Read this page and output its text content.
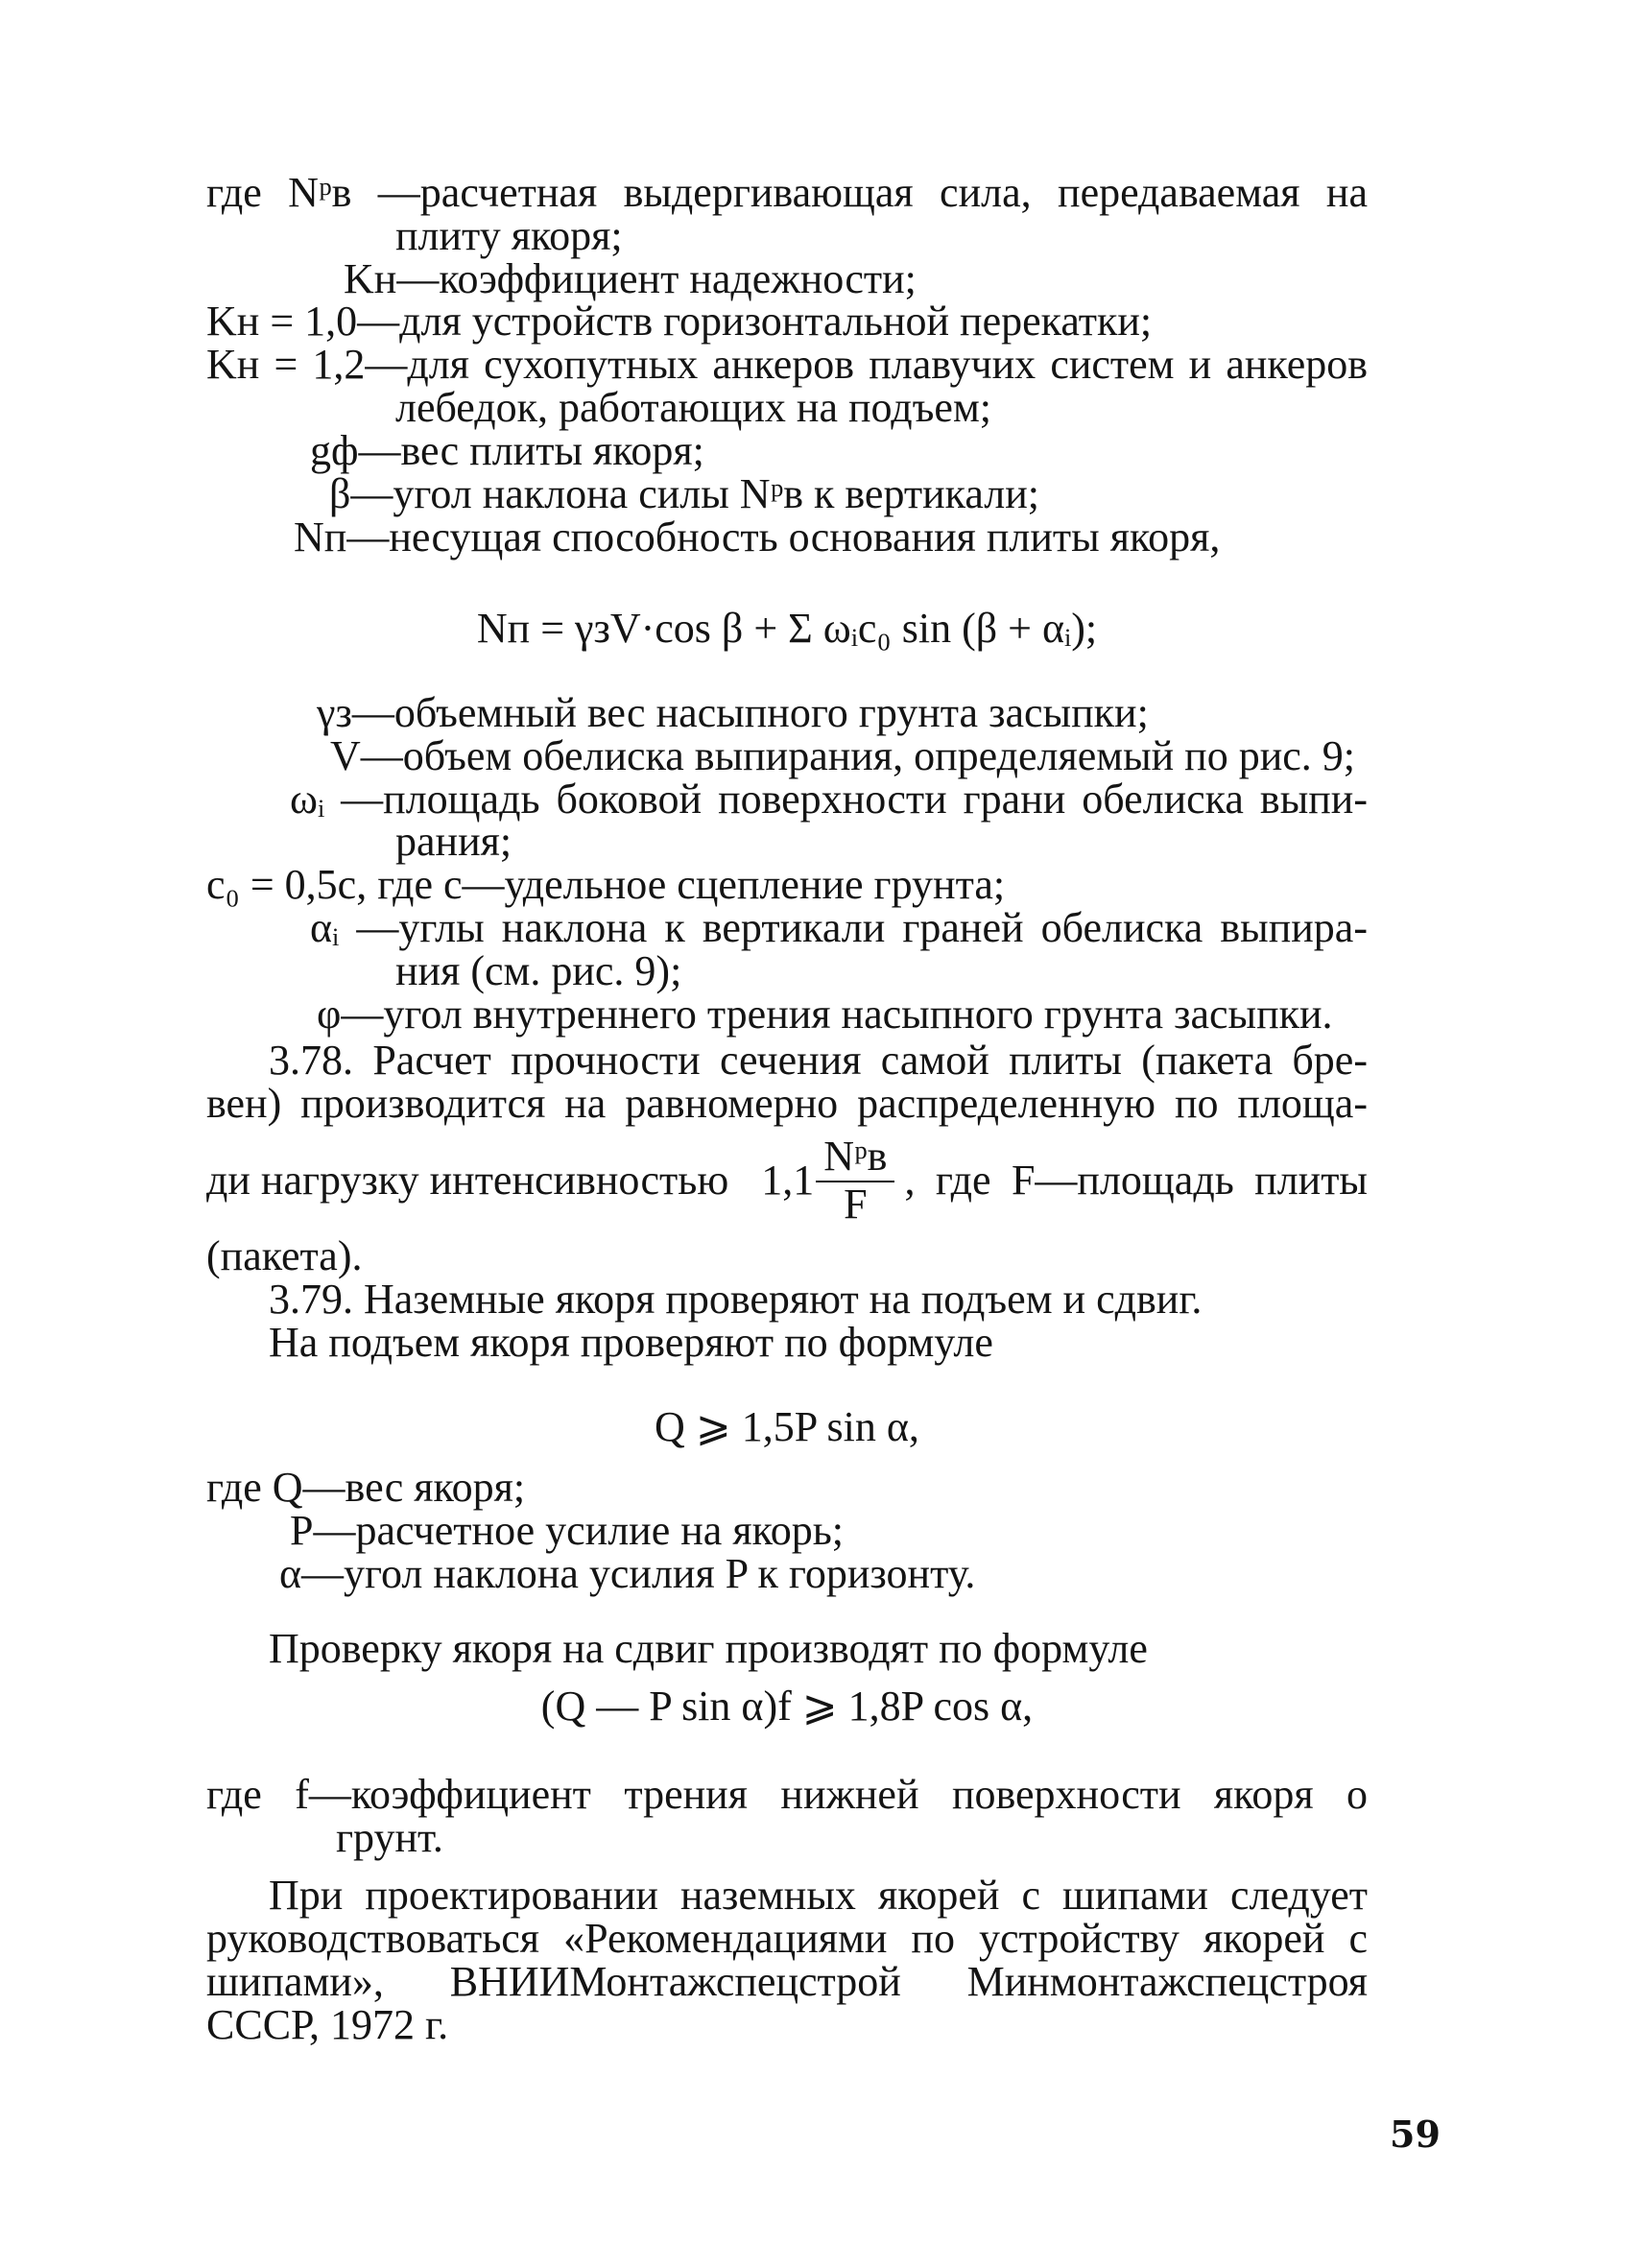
где Nᵖв —расчетная выдергивающая сила, передаваемая на
плиту якоря;
Kн—коэффициент надежности;
Kн = 1,0—для устройств горизонтальной перекатки;
Kн = 1,2—для сухопутных анкеров плавучих систем и анкеров
лебедок, работающих на подъем;
gф—вес плиты якоря;
β—угол наклона силы Nᵖв к вертикали;
Nп—несущая способность основания плиты якоря,
Nп = γзV·cos β + Σ ωᵢc₀ sin (β + αᵢ);
γз—объемный вес насыпного грунта засыпки;
V—объем обелиска выпирания, определяемый по рис. 9;
ωᵢ —площадь боковой поверхности грани обелиска выпи-
рания;
c₀ = 0,5c, где c—удельное сцепление грунта;
αᵢ —углы наклона к вертикали граней обелиска выпира-
ния (см. рис. 9);
φ—угол внутреннего трения насыпного грунта засыпки.
3.78. Расчет прочности сечения самой плиты (пакета бре-
вен) производится на равномерно распределенную по площа-
ди нагрузку интенсивностью $1,1 \frac{\text{Nᵖв}}{F}$ , где F—площадь плиты
(пакета).
3.79. Наземные якоря проверяют на подъем и сдвиг.
На подъем якоря проверяют по формуле
Q ⩾ 1,5P sin α,
где Q—вес якоря;
P—расчетное усилие на якорь;
α—угол наклона усилия P к горизонту.
Проверку якоря на сдвиг производят по формуле
(Q — P sin α)f ⩾ 1,8P cos α,
где f—коэффициент трения нижней поверхности якоря о
грунт.
При проектировании наземных якорей с шипами следует
руководствоваться «Рекомендациями по устройству якорей с
шипами», ВНИИМонтажспецстрой Минмонтажспецстроя
СССР, 1972 г.
59
